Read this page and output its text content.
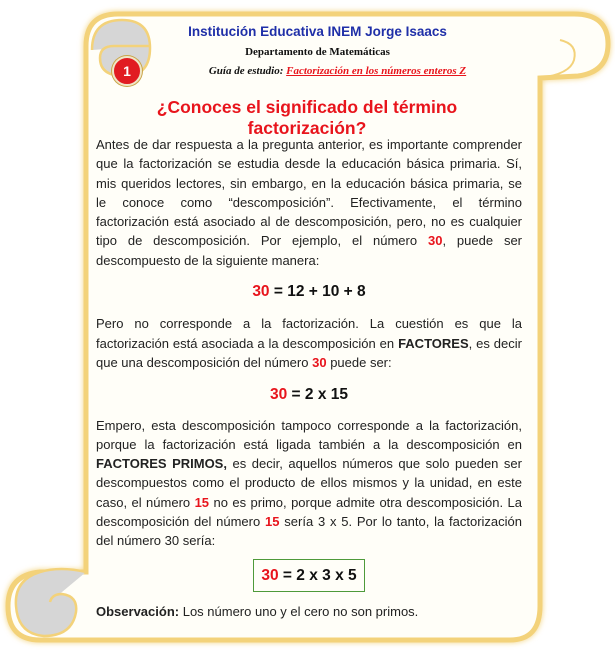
Institución Educativa INEM Jorge Isaacs
Departamento de Matemáticas
Guía de estudio: Factorización en los números enteros Z
1
¿Conoces el significado del término factorización?

Antes de dar respuesta a la pregunta anterior, es importante comprender que la factorización se estudia desde la educación básica primaria. Sí, mis queridos lectores, sin embargo, en la educación básica primaria, se le conoce como “descomposición”. Efectivamente, el término factorización está asociado al de descomposición, pero, no es cualquier tipo de descomposición. Por ejemplo, el número 30, puede ser descompuesto de la siguiente manera:

30 = 12 + 10 + 8

Pero no corresponde a la factorización. La cuestión es que la factorización está asociada a la descomposición en FACTORES, es decir que una descomposición del número 30 puede ser:

30 = 2 x 15

Empero, esta descomposición tampoco corresponde a la factorización, porque la factorización está ligada también a la descomposición en FACTORES PRIMOS, es decir, aquellos números que solo pueden ser descompuestos como el producto de ellos mismos y la unidad, en este caso, el número 15 no es primo, porque admite otra descomposición. La descomposición del número 15 sería 3 x 5. Por lo tanto, la factorización del número 30 sería:

30 = 2 x 3 x 5

Observación: Los número uno y el cero no son primos.
